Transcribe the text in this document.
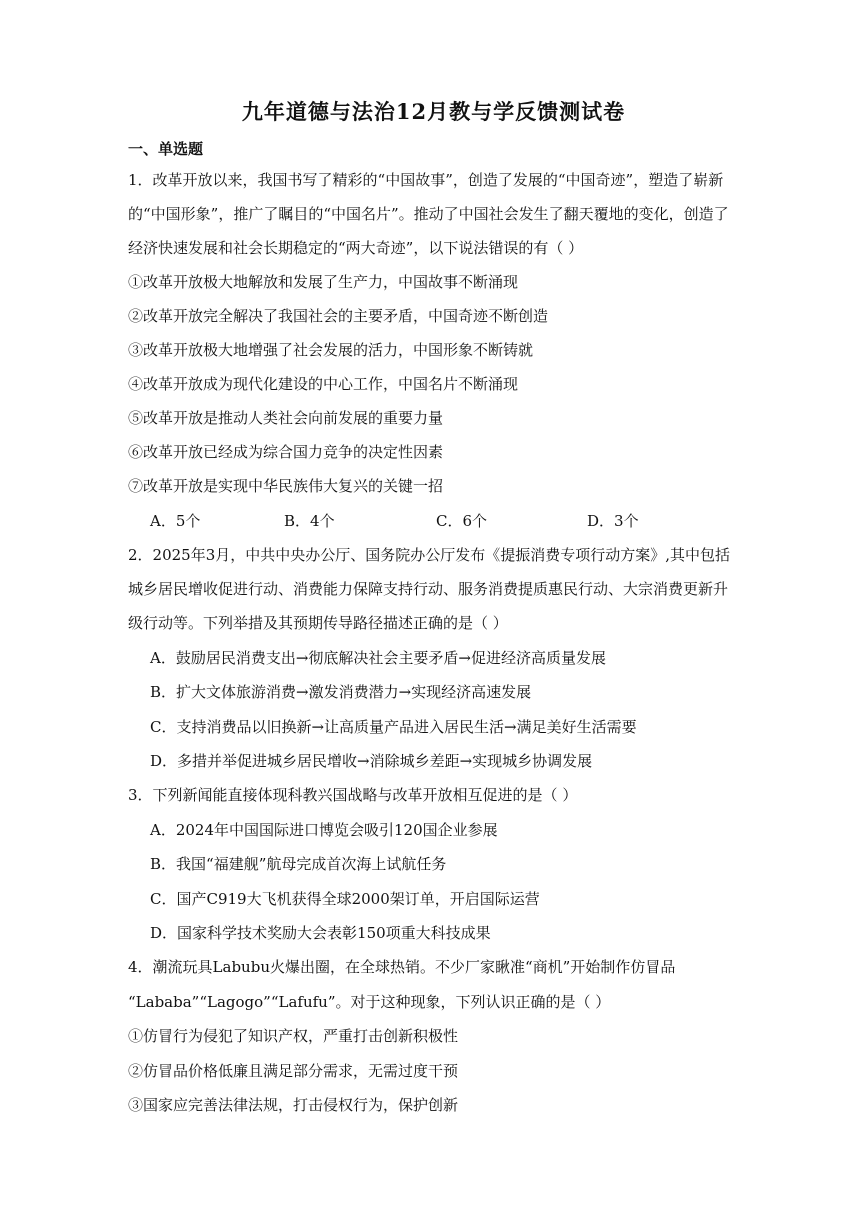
九年道德与法治12月教与学反馈测试卷
一、单选题
1．改革开放以来，我国书写了精彩的“中国故事”，创造了发展的“中国奇迹”，塑造了崭新
的“中国形象”，推广了瞩目的“中国名片”。推动了中国社会发生了翻天覆地的变化，创造了
经济快速发展和社会长期稳定的“两大奇迹”，以下说法错误的有（ ）
①改革开放极大地解放和发展了生产力，中国故事不断涌现
②改革开放完全解决了我国社会的主要矛盾，中国奇迹不断创造
③改革开放极大地增强了社会发展的活力，中国形象不断铸就
④改革开放成为现代化建设的中心工作，中国名片不断涌现
⑤改革开放是推动人类社会向前发展的重要力量
⑥改革开放已经成为综合国力竞争的决定性因素
⑦改革开放是实现中华民族伟大复兴的关键一招
A．5个	B．4个	C．6个	D．3个
2．2025年3月，中共中央办公厅、国务院办公厅发布《提振消费专项行动方案》,其中包括
城乡居民增收促进行动、消费能力保障支持行动、服务消费提质惠民行动、大宗消费更新升
级行动等。下列举措及其预期传导路径描述正确的是（ ）
A．鼓励居民消费支出→彻底解决社会主要矛盾→促进经济高质量发展
B．扩大文体旅游消费→激发消费潜力→实现经济高速发展
C．支持消费品以旧换新→让高质量产品进入居民生活→满足美好生活需要
D．多措并举促进城乡居民增收→消除城乡差距→实现城乡协调发展
3．下列新闻能直接体现科教兴国战略与改革开放相互促进的是（ ）
A．2024年中国国际进口博览会吸引120国企业参展
B．我国“福建舰”航母完成首次海上试航任务
C．国产C919大飞机获得全球2000架订单，开启国际运营
D．国家科学技术奖励大会表彰150项重大科技成果
4．潮流玩具Labubu火爆出圈，在全球热销。不少厂家瞅准“商机”开始制作仿冒品
“Lababa”“Lagogo”“Lafufu”。对于这种现象，下列认识正确的是（ ）
①仿冒行为侵犯了知识产权，严重打击创新积极性
②仿冒品价格低廉且满足部分需求，无需过度干预
③国家应完善法律法规，打击侵权行为，保护创新
